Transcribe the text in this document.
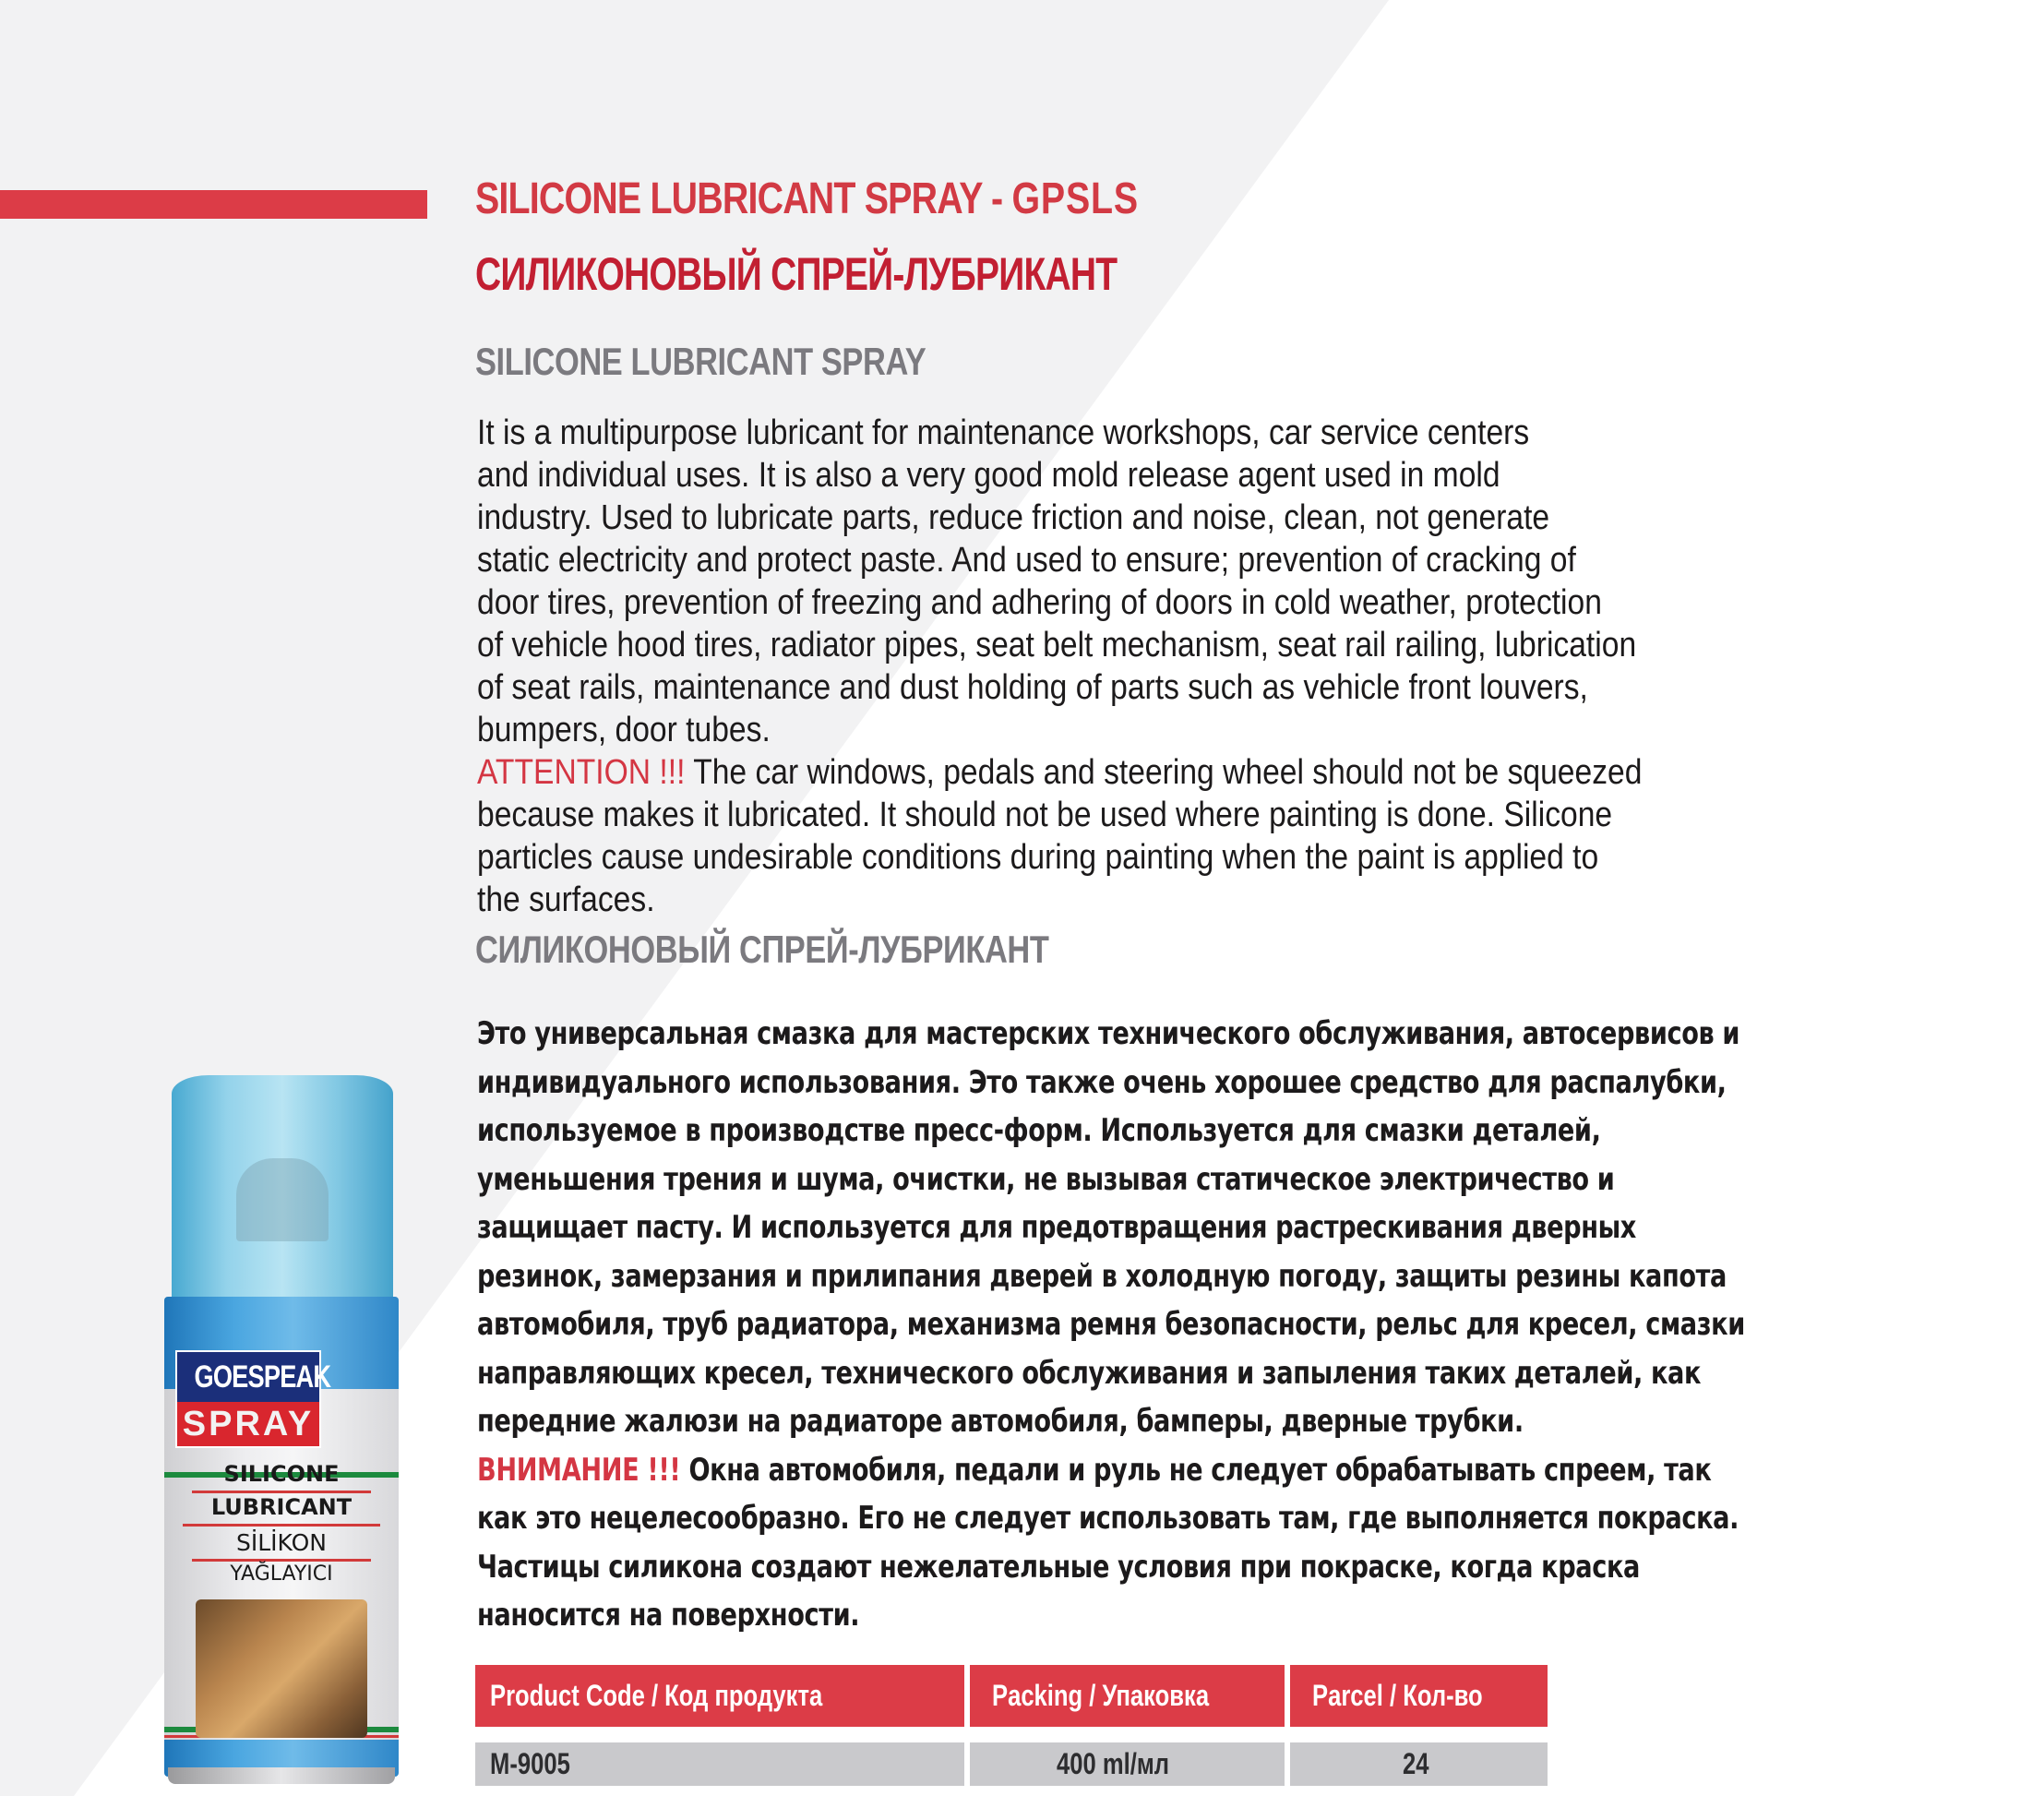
GOESPEAK
SPRAY
SILICONE
LUBRICANT
SİLİKON
YAĞLAYICI
SILICONE LUBRICANT SPRAY - GPSLS
СИЛИКОНОВЫЙ СПРЕЙ-ЛУБРИКАНТ
SILICONE LUBRICANT SPRAY
It is a multipurpose lubricant for maintenance workshops, car service centers
and individual uses. It is also a very good mold release agent used in mold
industry. Used to lubricate parts, reduce friction and noise, clean, not generate
static electricity and protect paste. And used to ensure; prevention of cracking of
door tires, prevention of freezing and adhering of doors in cold weather, protection
of vehicle hood tires, radiator pipes, seat belt mechanism, seat rail railing, lubrication
of seat rails, maintenance and dust holding of parts such as vehicle front louvers,
bumpers, door tubes.
ATTENTION !!! The car windows, pedals and steering wheel should not be squeezed
because makes it lubricated. It should not be used where painting is done. Silicone
particles cause undesirable conditions during painting when the paint is applied to
the surfaces.
СИЛИКОНОВЫЙ СПРЕЙ-ЛУБРИКАНТ
Это универсальная смазка для мастерских технического обслуживания, автосервисов и
индивидуального использования. Это также очень хорошее средство для распалубки,
используемое в производстве пресс-форм. Используется для смазки деталей,
уменьшения трения и шума, очистки, не вызывая статическое электричество и
защищает пасту. И используется для предотвращения растрескивания дверных
резинок, замерзания и прилипания дверей в холодную погоду, защиты резины капота
автомобиля, труб радиатора, механизма ремня безопасности, рельс для кресел, смазки
направляющих кресел, технического обслуживания и запыления таких деталей, как
передние жалюзи на радиаторе автомобиля, бамперы, дверные трубки.
ВНИМАНИЕ !!! Окна автомобиля, педали и руль не следует обрабатывать спреем, так
как это нецелесообразно. Его не следует использовать там, где выполняется покраска.
Частицы силикона создают нежелательные условия при покраске, когда краска
наносится на поверхности.
Product Code / Код продукта	Packing / Упаковка	Parcel / Кол-во
M-9005	400 ml/мл	24
